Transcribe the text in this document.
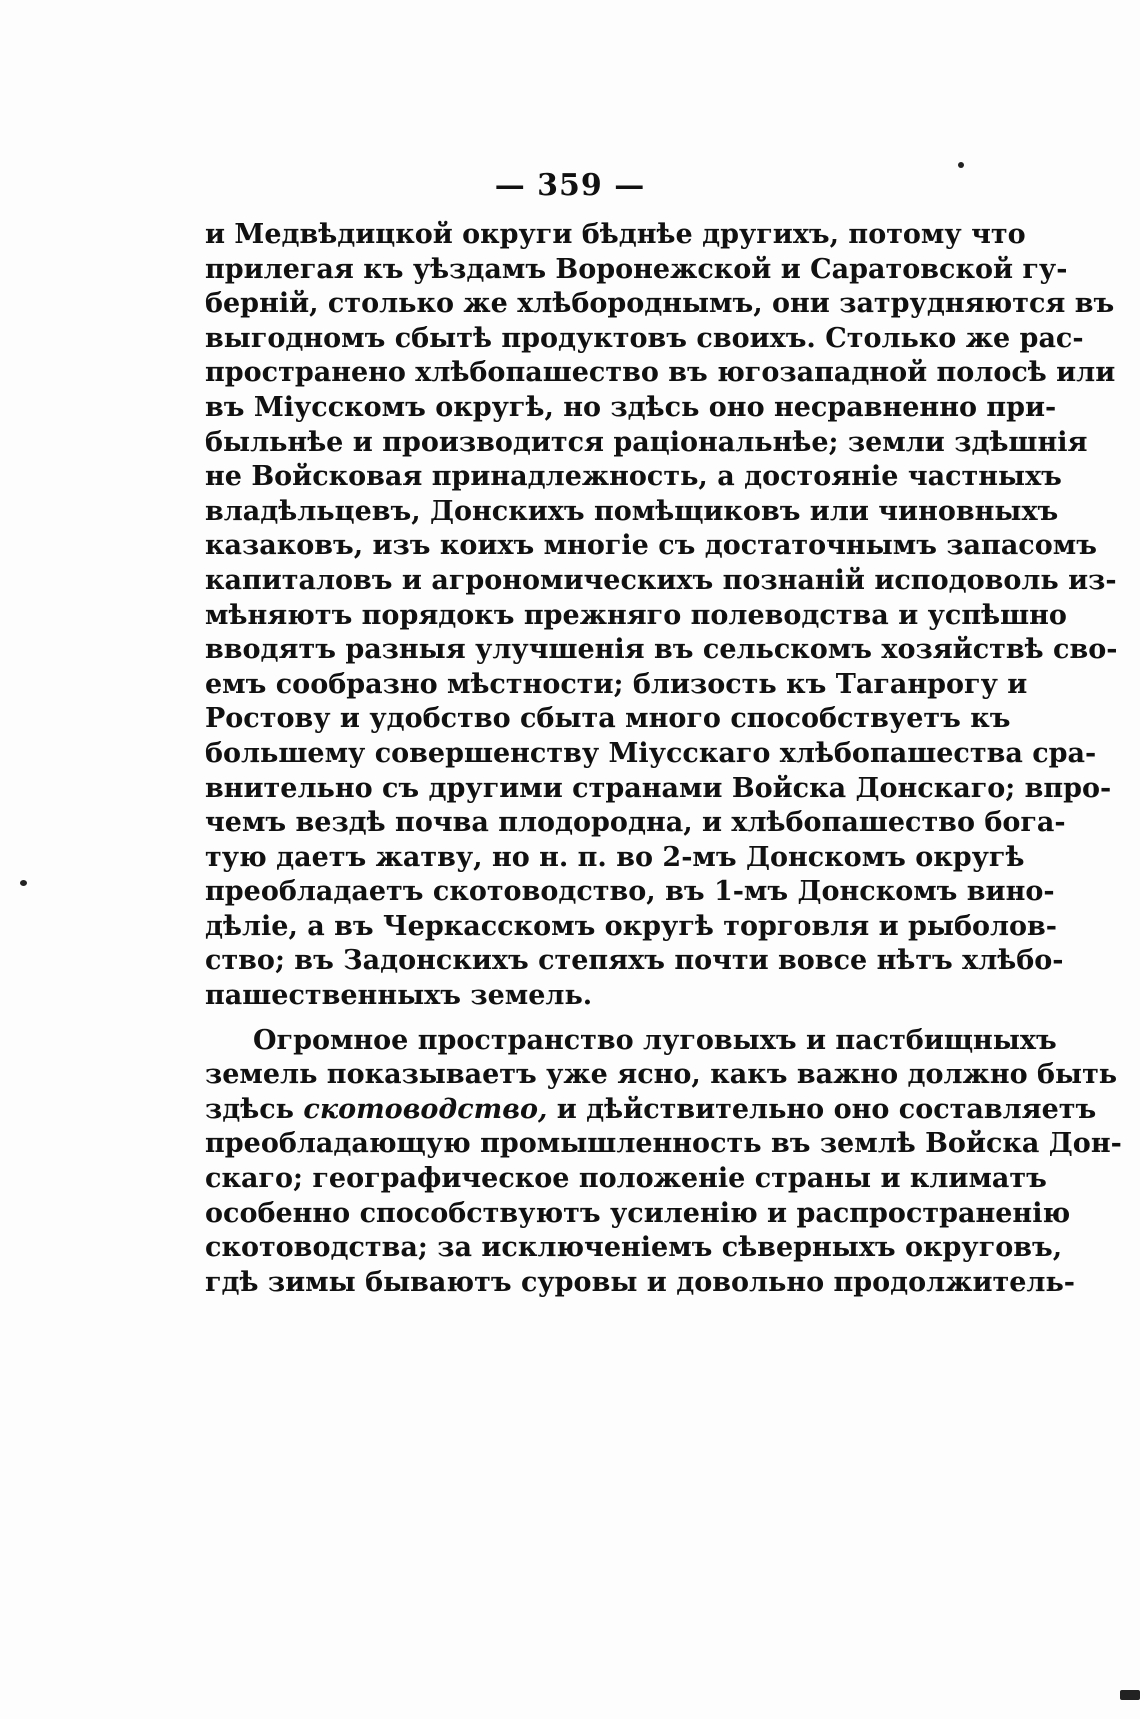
— 359 —
и Медвѣдицкой округи бѣднѣе другихъ, потому что
прилегая къ уѣздамъ Воронежской и Саратовской гу-
берній, столько же хлѣбороднымъ, они затрудняются въ
выгодномъ сбытѣ продуктовъ своихъ. Столько же рас-
пространено хлѣбопашество въ югозападной полосѣ или
въ Міусскомъ округѣ, но здѣсь оно несравненно при-
быльнѣе и производится раціональнѣе; земли здѣшнія
не Войсковая принадлежность, а достояніе частныхъ
владѣльцевъ, Донскихъ помѣщиковъ или чиновныхъ
казаковъ, изъ коихъ многіе съ достаточнымъ запасомъ
капиталовъ и агрономическихъ познаній исподоволь из-
мѣняютъ порядокъ прежняго полеводства и успѣшно
вводятъ разныя улучшенія въ сельскомъ хозяйствѣ сво-
емъ сообразно мѣстности; близость къ Таганрогу и
Ростову и удобство сбыта много способствуетъ къ
большему совершенству Міусскаго хлѣбопашества сра-
внительно съ другими странами Войска Донскаго; впро-
чемъ вездѣ почва плодородна, и хлѣбопашество бога-
тую даетъ жатву, но н. п. во 2-мъ Донскомъ округѣ
преобладаетъ скотоводство, въ 1-мъ Донскомъ вино-
дѣліе, а въ Черкасскомъ округѣ торговля и рыболов-
ство; въ Задонскихъ степяхъ почти вовсе нѣтъ хлѣбо-
пашественныхъ земель.
Огромное пространство луговыхъ и пастбищныхъ
земель показываетъ уже ясно, какъ важно должно быть
здѣсь скотоводство, и дѣйствительно оно составляетъ
преобладающую промышленность въ землѣ Войска Дон-
скаго; географическое положеніе страны и климатъ
особенно способствуютъ усиленію и распространенію
скотоводства; за исключеніемъ сѣверныхъ округовъ,
гдѣ зимы бываютъ суровы и довольно продолжитель-
